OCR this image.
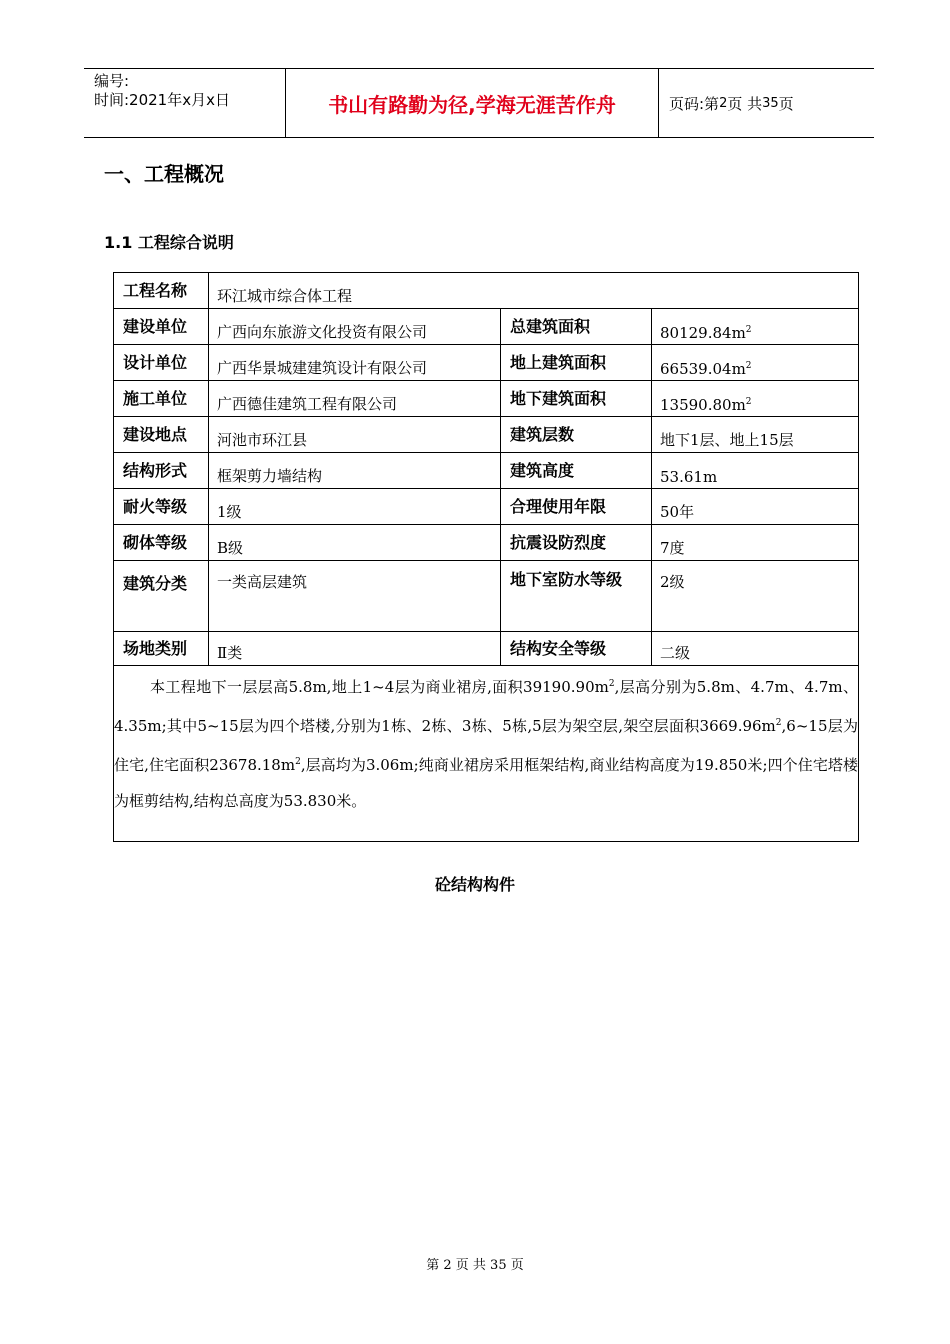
编号:
时间:2021年x月x日	书山有路勤为径,学海无涯苦作舟	页码:第 2 页 共 35 页
一、工程概况
1.1 工程综合说明
工程名称	环江城市综合体工程		
建设单位	广西向东旅游文化投资有限公司	总建筑面积	$80129.84m^2$
设计单位	广西华景城建建筑设计有限公司	地上建筑面积	$66539.04m^2$
施工单位	广西德佳建筑工程有限公司	地下建筑面积	$13590.80m^2$
建设地点	河池市环江县	建筑层数	地下1层、地上15层
结构形式	框架剪力墙结构	建筑高度	53.61m
耐火等级	1级	合理使用年限	50年
砌体等级	B级	抗震设防烈度	7度
建筑分类	一类高层建筑	地下室防水等级	2级
场地类别	Ⅱ类	结构安全等级	二级
本工程地下一层层高5.8m,地上1~4层为商业裙房,面积$39190.90m^2$,层高分别为5.8m、4.7m、4.7m、4.35m;其中5~15层为四个塔楼,分别为1栋、2栋、3栋、5栋,5层为架空层,架空层面积$3669.96m^2,6\sim 15$层为住宅,住宅面积$23678.18m^2$,层高均为3.06m;纯商业裙房采用框架结构,商业结构高度为19.850米;四个住宅塔楼为框剪结构,结构总高度为53.830米。			
砼结构构件
第 2 页 共 35 页
